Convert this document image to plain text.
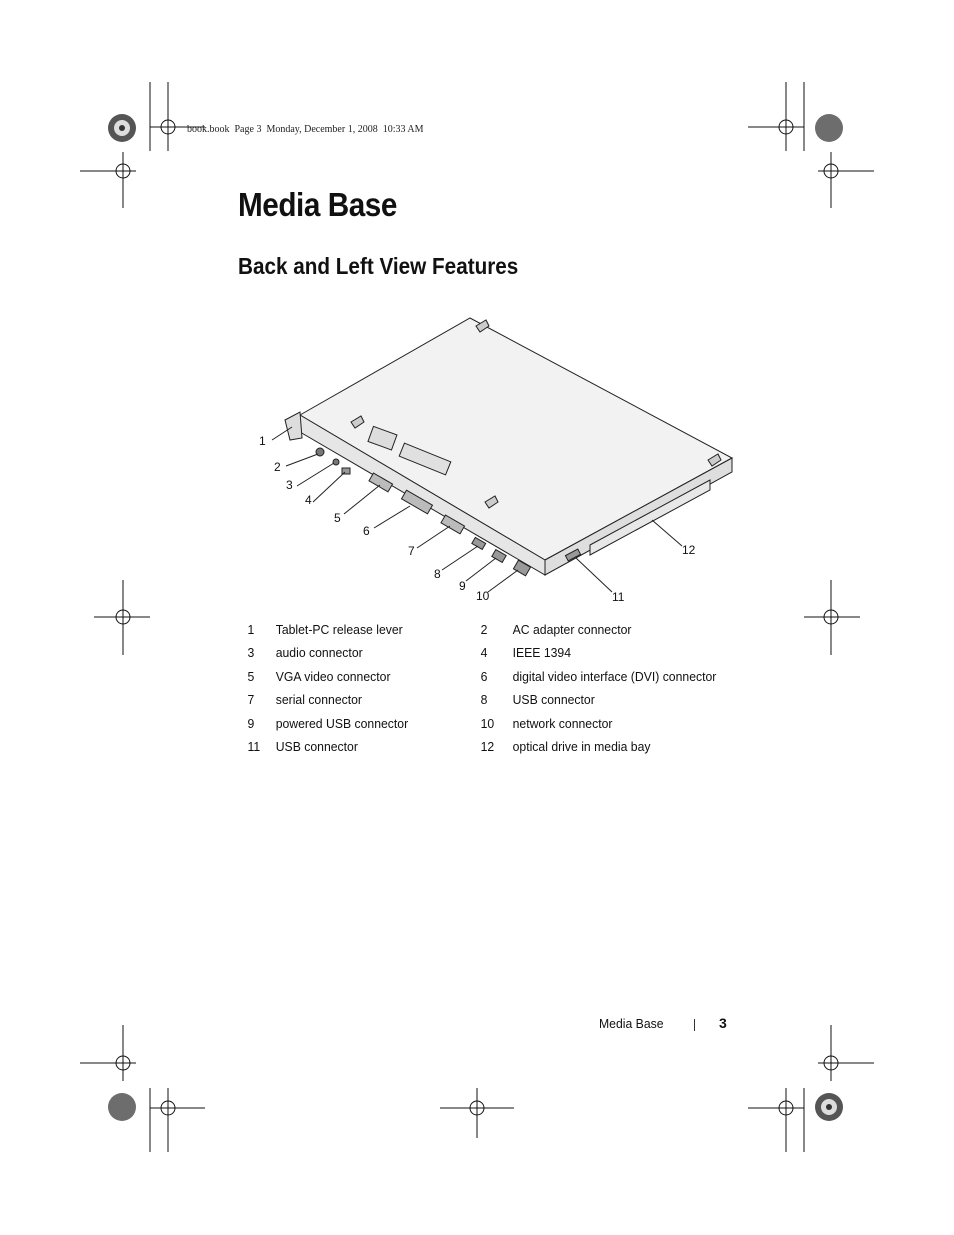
book.book  Page 3  Monday, December 1, 2008  10:33 AM
Media Base
Back and Left View Features
1
2
3
4
5
6
7
8
9
10	11
12
1 Tablet-PC release lever	2 AC adapter connector
3 audio connector	4 IEEE 1394
5 VGA video connector	6 digital video interface (DVI) connector
7 serial connector	8 USB connector
9 powered USB connector	10 network connector
11 USB connector	12 optical drive in media bay
Media Base	3
